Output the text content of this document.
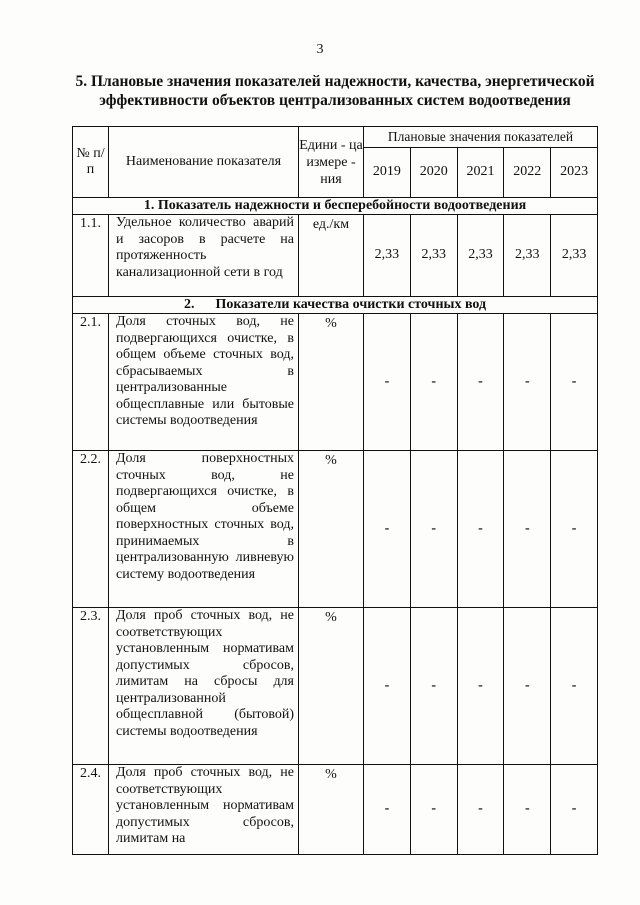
3
5. Плановые значения показателей надежности, качества, энергетической
эффективности объектов централизованных систем водоотведения
№ п/п	Наименование показателя	Едини - ца измере - ния	Плановые значения показателей				
			2019	2020	2021	2022	2023
1. Показатель надежности и бесперебойности водоотведения							
1.1.	Удельное количество аварий и засоров в расчете на протяженность канализационной сети в год	ед./км	2,33	2,33	2,33	2,33	2,33
2.      Показатели качества очистки сточных вод							
2.1.	Доля сточных вод, не подвергающихся очистке, в общем объеме сточных вод, сбрасываемых в централизованные общесплавные или бытовые системы водоотведения	%	-	-	-	-	-
2.2.	Доля поверхностных сточных вод, не подвергающихся очистке, в общем объеме поверхностных сточных вод, принимаемых в централизованную ливневую систему водоотведения	%	-	-	-	-	-
2.3.	Доля проб сточных вод, не соответствующих установленным нормативам допустимых сбросов, лимитам на сбросы для централизованной общесплавной (бытовой) системы водоотведения	%	-	-	-	-	-
2.4.	Доля проб сточных вод, не соответствующих установленным нормативам допустимых сбросов, лимитам на	%	-	-	-	-	-
